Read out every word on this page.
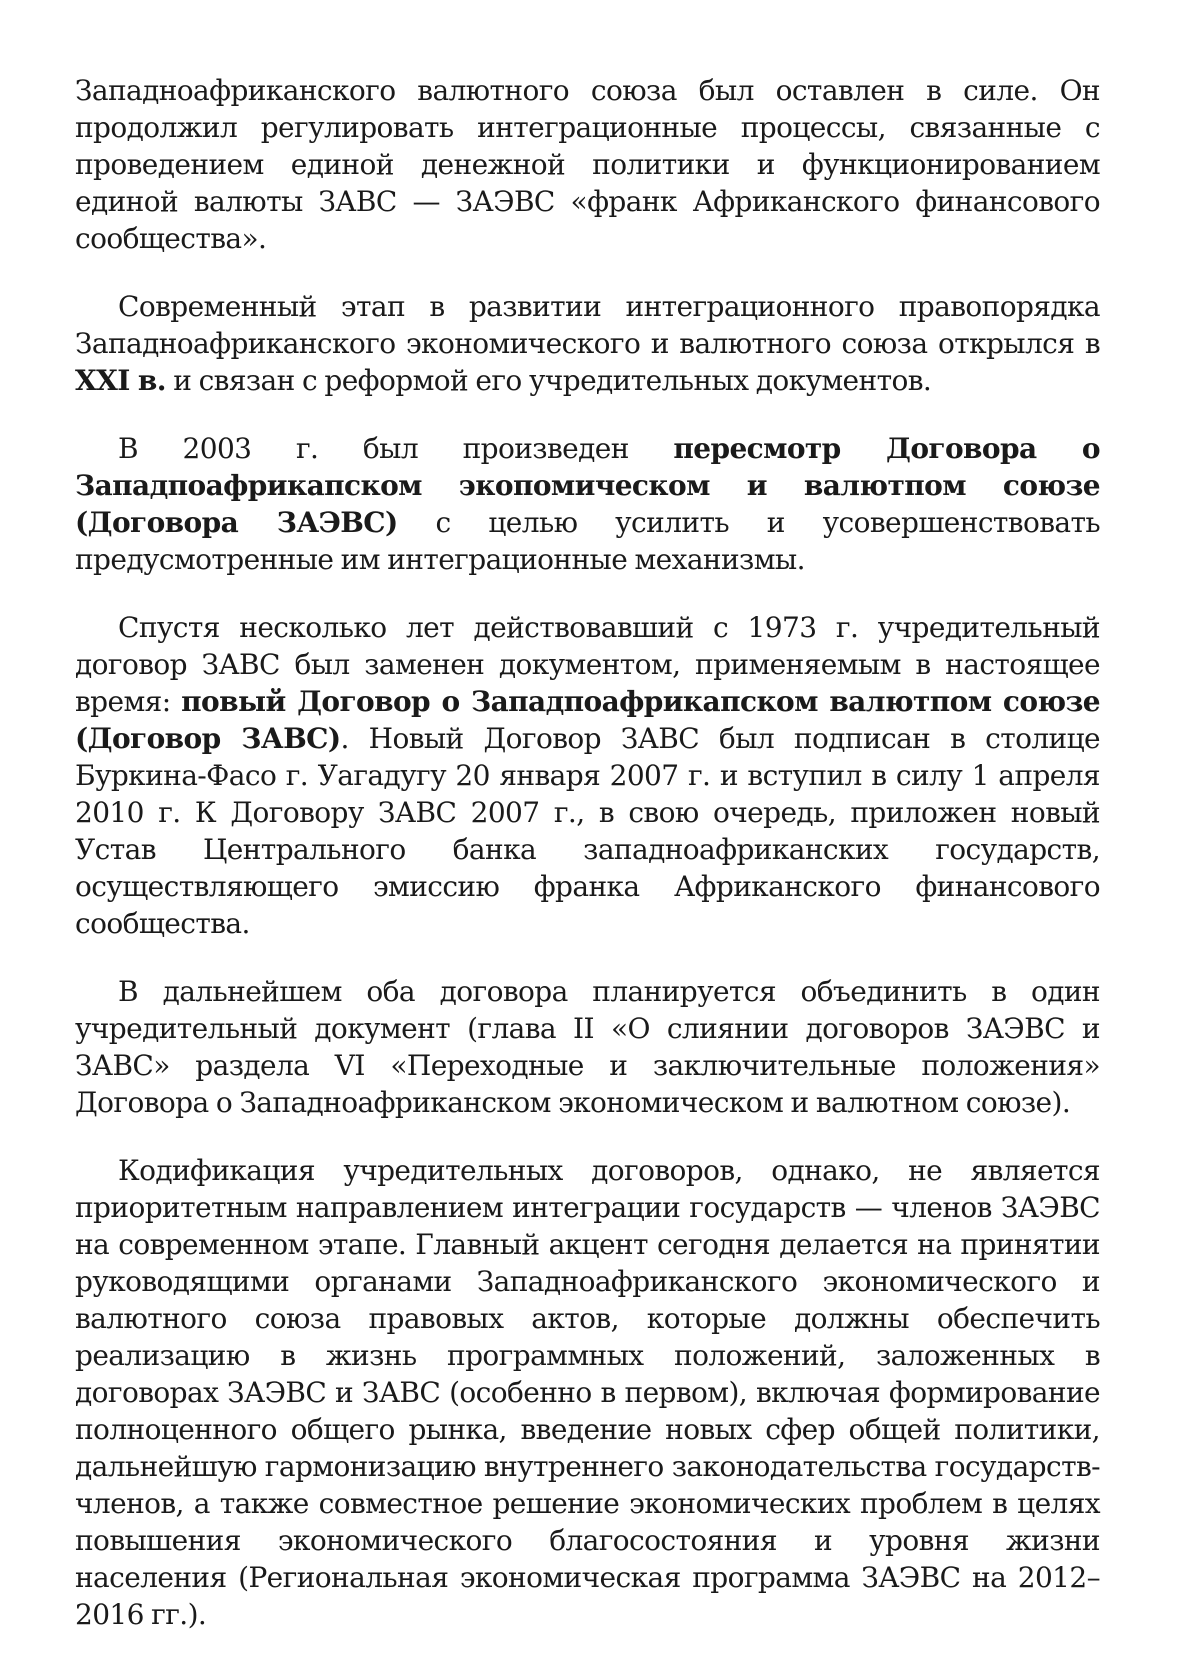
Западноафриканского валютного союза был оставлен в силе. Он продолжил регулировать интеграционные процессы, связанные с проведением единой денежной политики и функционированием единой валюты ЗАВС — ЗАЭВС «франк Африканского финансового сообщества».

Современный этап в развитии интеграционного правопорядка Западноафриканского экономического и валютного союза открылся в XXI в. и связан с реформой его учредительных документов.

В 2003 г. был произведен пересмотр Договора о Западпоафрикапском экопомическом и валютпом союзе (Договора ЗАЭВС) с целью усилить и усовершенствовать предусмотренные им интеграционные механизмы.

Спустя несколько лет действовавший с 1973 г. учредительный договор ЗАВС был заменен документом, применяемым в настоящее время: повый Договор о Западпоафрикапском валютпом союзе (Договор ЗАВС). Новый Договор ЗАВС был подписан в столице Буркина-Фасо г. Уагадугу 20 января 2007 г. и вступил в силу 1 апреля 2010 г. К Договору ЗАВС 2007 г., в свою очередь, приложен новый Устав Центрального банка западноафриканских государств, осуществляющего эмиссию франка Африканского финансового сообщества.

В дальнейшем оба договора планируется объединить в один учредительный документ (глава II «О слиянии договоров ЗАЭВС и ЗАВС» раздела VI «Переходные и заключительные положения» Договора о Западноафриканском экономическом и валютном союзе).

Кодификация учредительных договоров, однако, не является приоритетным направлением интеграции государств — членов ЗАЭВС на современном этапе. Главный акцент сегодня делается на принятии руководящими органами Западноафриканского экономического и валютного союза правовых актов, которые должны обеспечить реализацию в жизнь программных положений, заложенных в договорах ЗАЭВС и ЗАВС (особенно в первом), включая формирование полноценного общего рынка, введение новых сфер общей политики, дальнейшую гармонизацию внутреннего законодательства государств-членов, а также совместное решение экономических проблем в целях повышения экономического благосостояния и уровня жизни населения (Региональная экономическая программа ЗАЭВС на 2012–2016 гг.).
